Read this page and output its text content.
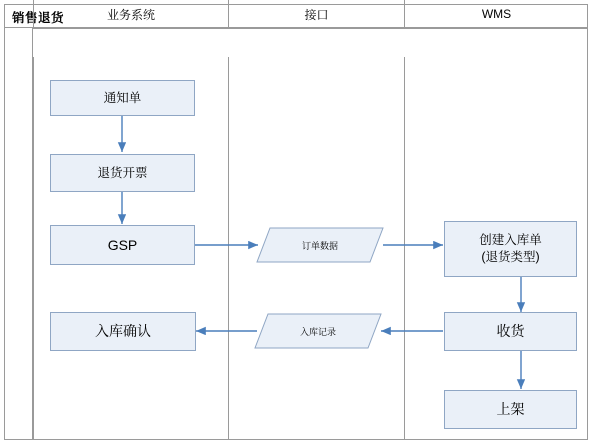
销售退货	业务系统	接口	WMS
通知单
退货开票
GSP
入库确认
订单数据
入库记录
创建入库单
(退货类型)
收货
上架
